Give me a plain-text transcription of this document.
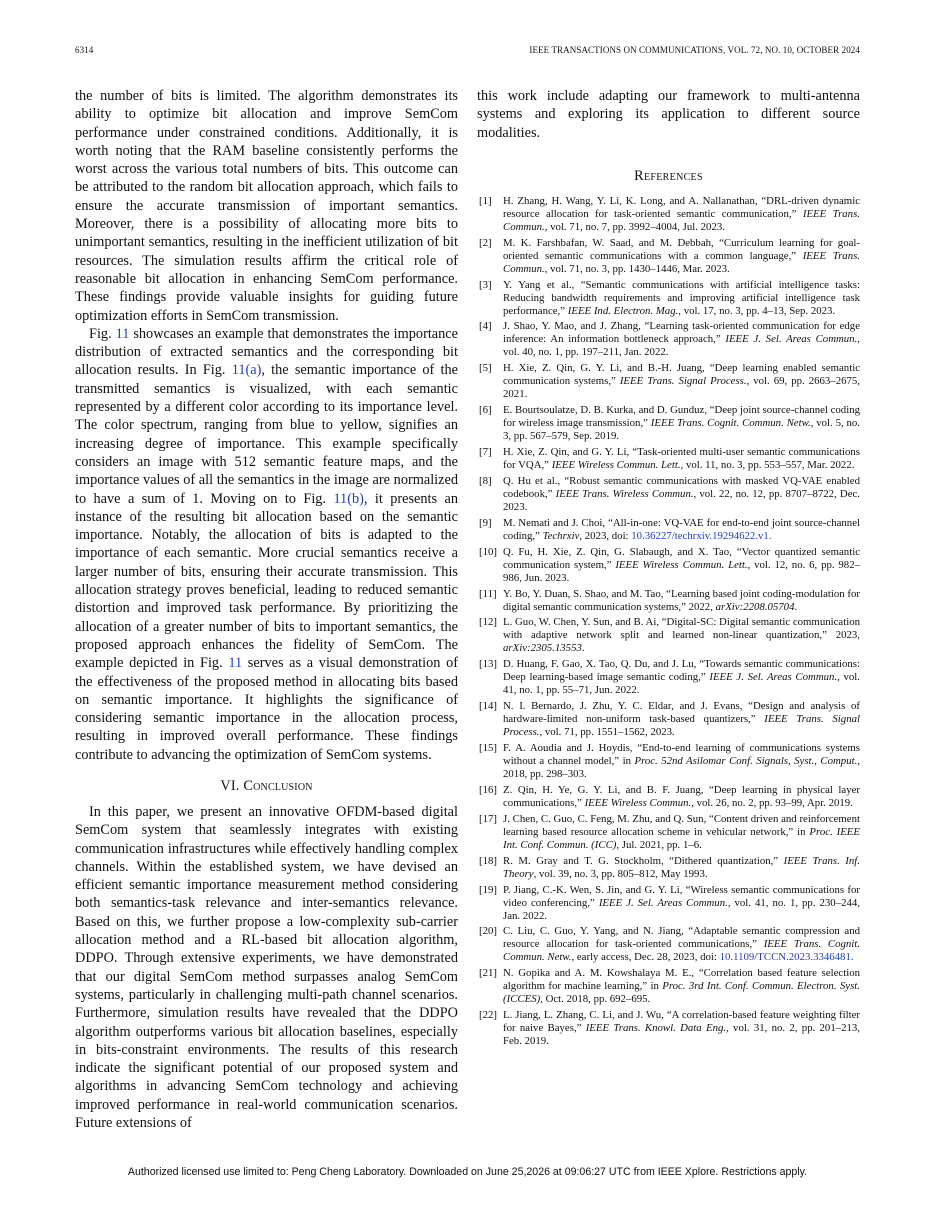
6314	IEEE TRANSACTIONS ON COMMUNICATIONS, VOL. 72, NO. 10, OCTOBER 2024

the number of bits is limited. The algorithm demonstrates its ability to optimize bit allocation and improve SemCom performance under constrained conditions. Additionally, it is worth noting that the RAM baseline consistently performs the worst across the various total numbers of bits. This outcome can be attributed to the random bit allocation approach, which fails to ensure the accurate transmission of important semantics. Moreover, there is a possibility of allocating more bits to unimportant semantics, resulting in the inefficient utilization of bit resources. The simulation results affirm the critical role of reasonable bit allocation in enhancing SemCom performance. These findings provide valuable insights for guiding future optimization efforts in SemCom transmission.

Fig. 11 showcases an example that demonstrates the importance distribution of extracted semantics and the corresponding bit allocation results. In Fig. 11(a), the semantic importance of the transmitted semantics is visualized, with each semantic represented by a different color according to its importance level. The color spectrum, ranging from blue to yellow, signifies an increasing degree of importance. This example specifically considers an image with 512 semantic feature maps, and the importance values of all the semantics in the image are normalized to have a sum of 1. Moving on to Fig. 11(b), it presents an instance of the resulting bit allocation based on the semantic importance. Notably, the allocation of bits is adapted to the importance of each semantic. More crucial semantics receive a larger number of bits, ensuring their accurate transmission. This allocation strategy proves beneficial, leading to reduced semantic distortion and improved task performance. By prioritizing the allocation of a greater number of bits to important semantics, the proposed approach enhances the fidelity of SemCom. The example depicted in Fig. 11 serves as a visual demonstration of the effectiveness of the proposed method in allocating bits based on semantic importance. It highlights the significance of considering semantic importance in the allocation process, resulting in improved overall performance. These findings contribute to advancing the optimization of SemCom systems.

VI. Conclusion

In this paper, we present an innovative OFDM-based digital SemCom system that seamlessly integrates with existing communication infrastructures while effectively handling complex channels. Within the established system, we have devised an efficient semantic importance measurement method considering both semantics-task relevance and inter-semantics relevance. Based on this, we further propose a low-complexity sub-carrier allocation method and a RL-based bit allocation algorithm, DDPO. Through extensive experiments, we have demonstrated that our digital SemCom method surpasses analog SemCom systems, particularly in challenging multi-path channel scenarios. Furthermore, simulation results have revealed that the DDPO algorithm outperforms various bit allocation baselines, especially in bits-constraint environments. The results of this research indicate the significant potential of our proposed system and algorithms in advancing SemCom technology and achieving improved performance in real-world communication scenarios. Future extensions of

this work include adapting our framework to multi-antenna systems and exploring its application to different source modalities.

References
[1] H. Zhang, H. Wang, Y. Li, K. Long, and A. Nallanathan, “DRL-driven dynamic resource allocation for task-oriented semantic communication,” IEEE Trans. Commun., vol. 71, no. 7, pp. 3992–4004, Jul. 2023.
[2] M. K. Farshbafan, W. Saad, and M. Debbah, “Curriculum learning for goal-oriented semantic communications with a common language,” IEEE Trans. Commun., vol. 71, no. 3, pp. 1430–1446, Mar. 2023.
[3] Y. Yang et al., “Semantic communications with artificial intelligence tasks: Reducing bandwidth requirements and improving artificial intelligence task performance,” IEEE Ind. Electron. Mag., vol. 17, no. 3, pp. 4–13, Sep. 2023.
[4] J. Shao, Y. Mao, and J. Zhang, “Learning task-oriented communication for edge inference: An information bottleneck approach,” IEEE J. Sel. Areas Commun., vol. 40, no. 1, pp. 197–211, Jan. 2022.
[5] H. Xie, Z. Qin, G. Y. Li, and B.-H. Juang, “Deep learning enabled semantic communication systems,” IEEE Trans. Signal Process., vol. 69, pp. 2663–2675, 2021.
[6] E. Bourtsoulatze, D. B. Kurka, and D. Gunduz, “Deep joint source-channel coding for wireless image transmission,” IEEE Trans. Cognit. Commun. Netw., vol. 5, no. 3, pp. 567–579, Sep. 2019.
[7] H. Xie, Z. Qin, and G. Y. Li, “Task-oriented multi-user semantic communications for VQA,” IEEE Wireless Commun. Lett., vol. 11, no. 3, pp. 553–557, Mar. 2022.
[8] Q. Hu et al., “Robust semantic communications with masked VQ-VAE enabled codebook,” IEEE Trans. Wireless Commun., vol. 22, no. 12, pp. 8707–8722, Dec. 2023.
[9] M. Nemati and J. Choi, “All-in-one: VQ-VAE for end-to-end joint source-channel coding,” Techrxiv, 2023, doi: 10.36227/techrxiv.19294622.v1.
[10] Q. Fu, H. Xie, Z. Qin, G. Slabaugh, and X. Tao, “Vector quantized semantic communication system,” IEEE Wireless Commun. Lett., vol. 12, no. 6, pp. 982–986, Jun. 2023.
[11] Y. Bo, Y. Duan, S. Shao, and M. Tao, “Learning based joint coding-modulation for digital semantic communication systems,” 2022, arXiv:2208.05704.
[12] L. Guo, W. Chen, Y. Sun, and B. Ai, “Digital-SC: Digital semantic communication with adaptive network split and learned non-linear quantization,” 2023, arXiv:2305.13553.
[13] D. Huang, F. Gao, X. Tao, Q. Du, and J. Lu, “Towards semantic communications: Deep learning-based image semantic coding,” IEEE J. Sel. Areas Commun., vol. 41, no. 1, pp. 55–71, Jun. 2022.
[14] N. I. Bernardo, J. Zhu, Y. C. Eldar, and J. Evans, “Design and analysis of hardware-limited non-uniform task-based quantizers,” IEEE Trans. Signal Process., vol. 71, pp. 1551–1562, 2023.
[15] F. A. Aoudia and J. Hoydis, “End-to-end learning of communications systems without a channel model,” in Proc. 52nd Asilomar Conf. Signals, Syst., Comput., 2018, pp. 298–303.
[16] Z. Qin, H. Ye, G. Y. Li, and B. F. Juang, “Deep learning in physical layer communications,” IEEE Wireless Commun., vol. 26, no. 2, pp. 93–99, Apr. 2019.
[17] J. Chen, C. Guo, C. Feng, M. Zhu, and Q. Sun, “Content driven and reinforcement learning based resource allocation scheme in vehicular network,” in Proc. IEEE Int. Conf. Commun. (ICC), Jul. 2021, pp. 1–6.
[18] R. M. Gray and T. G. Stockholm, “Dithered quantization,” IEEE Trans. Inf. Theory, vol. 39, no. 3, pp. 805–812, May 1993.
[19] P. Jiang, C.-K. Wen, S. Jin, and G. Y. Li, “Wireless semantic communications for video conferencing,” IEEE J. Sel. Areas Commun., vol. 41, no. 1, pp. 230–244, Jan. 2022.
[20] C. Liu, C. Guo, Y. Yang, and N. Jiang, “Adaptable semantic compression and resource allocation for task-oriented communications,” IEEE Trans. Cognit. Commun. Netw., early access, Dec. 28, 2023, doi: 10.1109/TCCN.2023.3346481.
[21] N. Gopika and A. M. Kowshalaya M. E., “Correlation based feature selection algorithm for machine learning,” in Proc. 3rd Int. Conf. Commun. Electron. Syst. (ICCES), Oct. 2018, pp. 692–695.
[22] L. Jiang, L. Zhang, C. Li, and J. Wu, “A correlation-based feature weighting filter for naive Bayes,” IEEE Trans. Knowl. Data Eng., vol. 31, no. 2, pp. 201–213, Feb. 2019.
Authorized licensed use limited to: Peng Cheng Laboratory. Downloaded on June 25,2026 at 09:06:27 UTC from IEEE Xplore. Restrictions apply.
